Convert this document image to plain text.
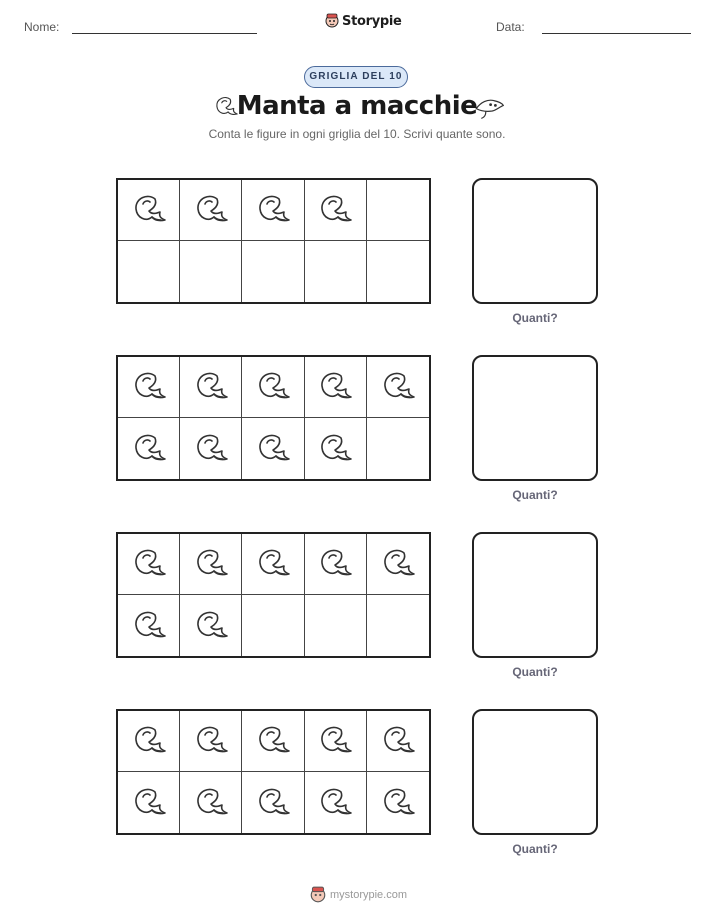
Nome:	Storypie	Data:
GRIGLIA DEL 10
Manta a macchie
Conta le figure in ogni griglia del 10. Scrivi quante sono.
Quanti?
Quanti?
Quanti?
Quanti?
mystorypie.com
